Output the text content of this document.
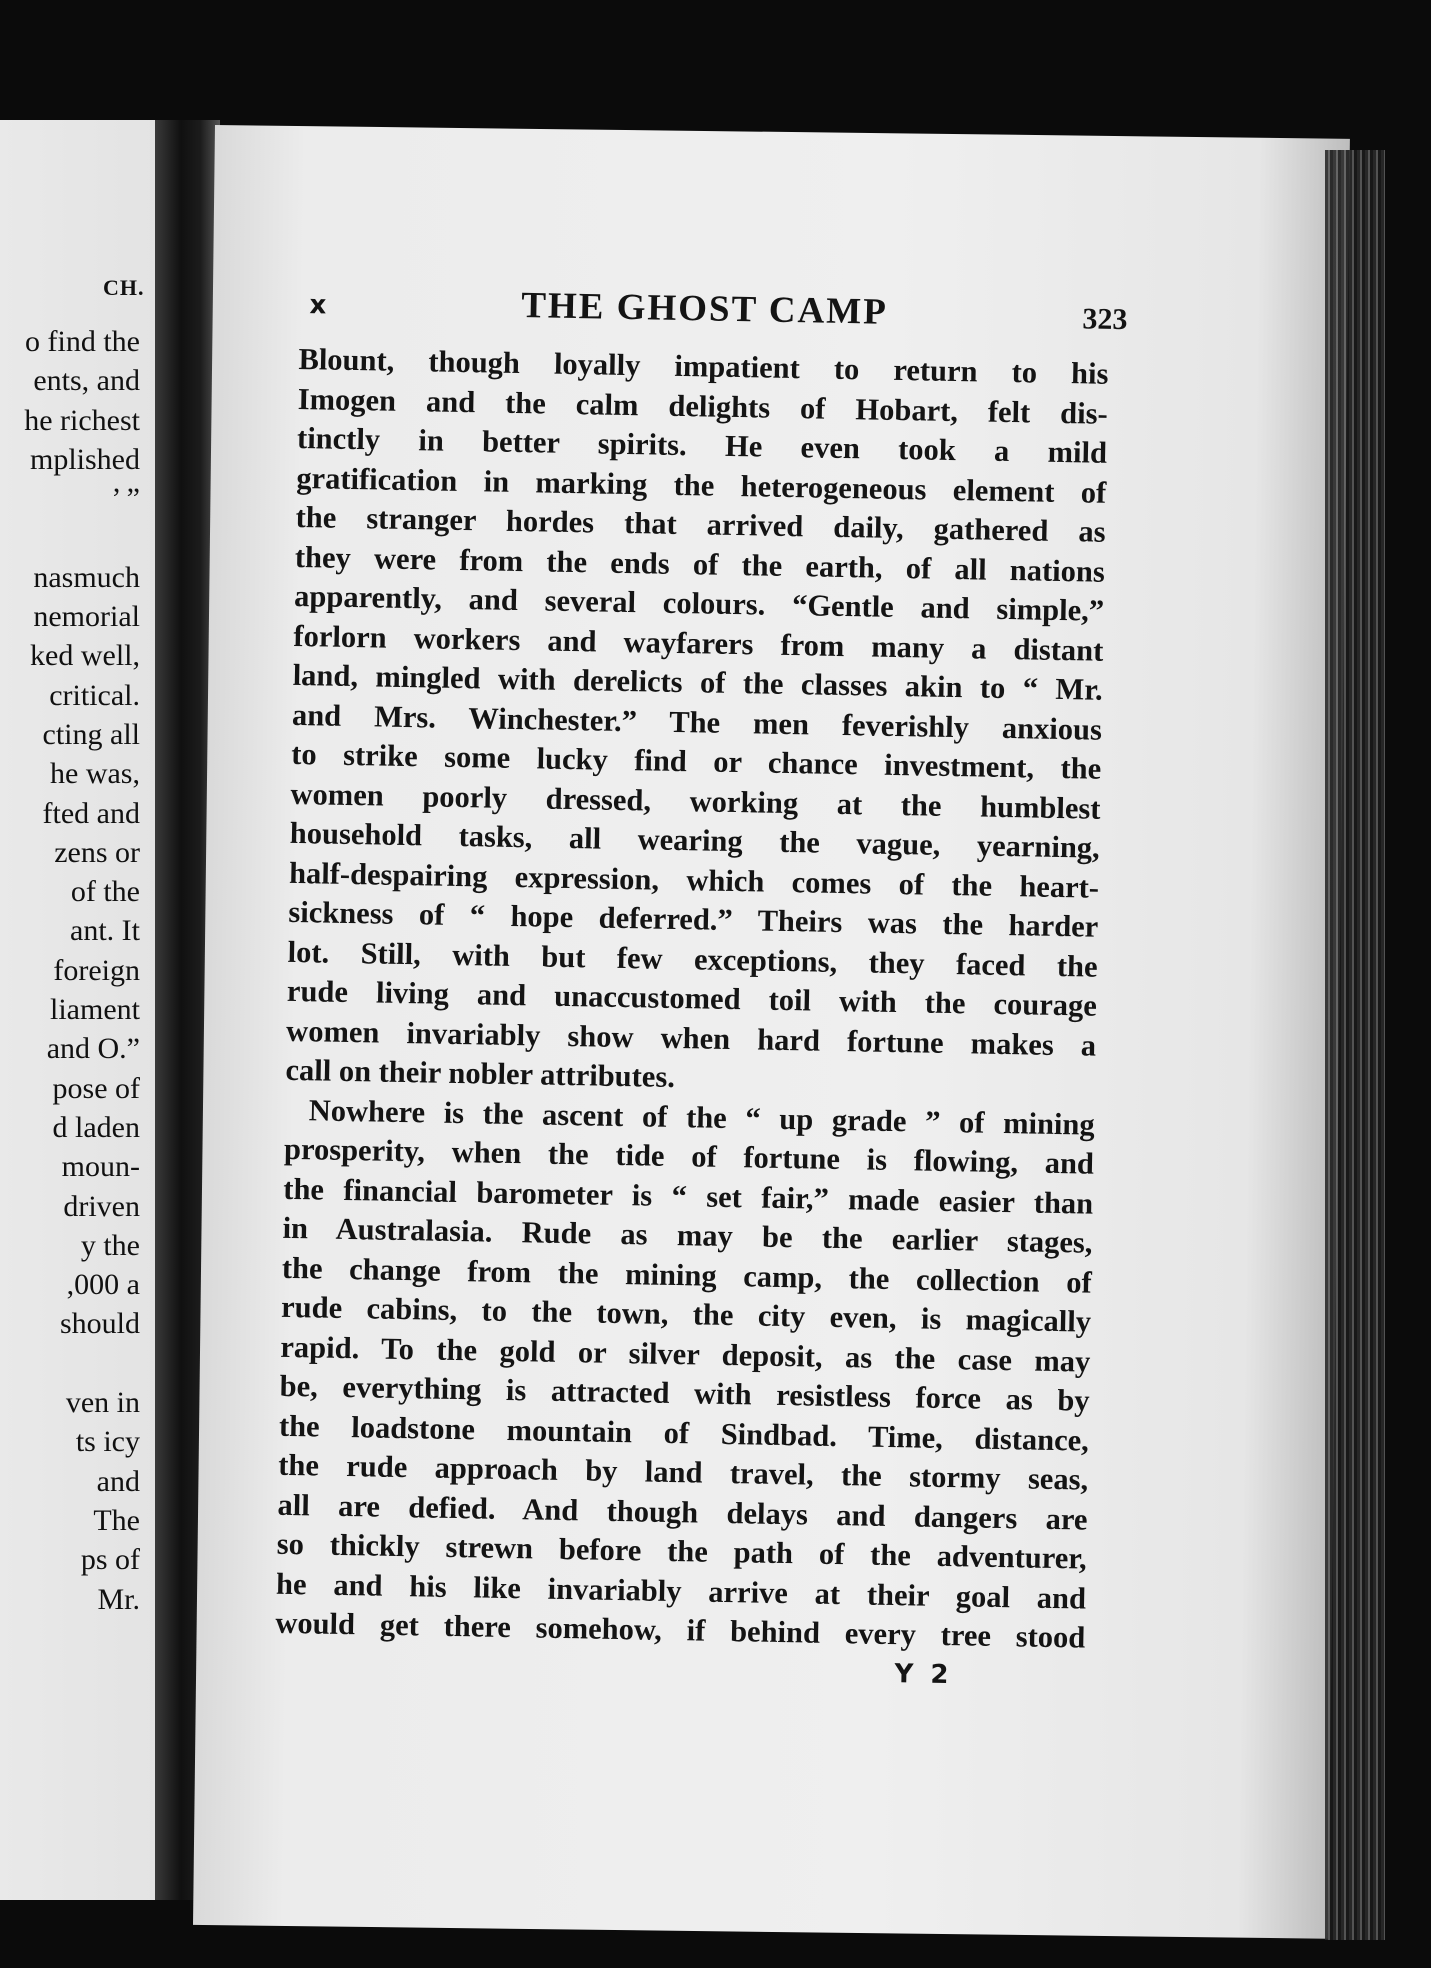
CH.
o find the
ents, and
he richest
mplished
’ ”
nasmuch
nemorial
ked well,
critical.
cting all
he was,
fted and
zens or
of the
ant. It
foreign
liament
and O.”
pose of
d laden
moun-
driven
y the
,000 a
should
ven in
ts icy
and
The
ps of
Mr.
x	THE GHOST CAMP	323
Blount, though loyally impatient to return to his
Imogen and the calm delights of Hobart, felt dis-
tinctly in better spirits. He even took a mild
gratification in marking the heterogeneous element of
the stranger hordes that arrived daily, gathered as
they were from the ends of the earth, of all nations
apparently, and several colours. “Gentle and simple,”
forlorn workers and wayfarers from many a distant
land, mingled with derelicts of the classes akin to “ Mr.
and Mrs. Winchester.” The men feverishly anxious
to strike some lucky find or chance investment, the
women poorly dressed, working at the humblest
household tasks, all wearing the vague, yearning,
half-despairing expression, which comes of the heart-
sickness of “ hope deferred.” Theirs was the harder
lot. Still, with but few exceptions, they faced the
rude living and unaccustomed toil with the courage
women invariably show when hard fortune makes a
call on their nobler attributes.
Nowhere is the ascent of the “ up grade ” of mining
prosperity, when the tide of fortune is flowing, and
the financial barometer is “ set fair,” made easier than
in Australasia. Rude as may be the earlier stages,
the change from the mining camp, the collection of
rude cabins, to the town, the city even, is magically
rapid. To the gold or silver deposit, as the case may
be, everything is attracted with resistless force as by
the loadstone mountain of Sindbad. Time, distance,
the rude approach by land travel, the stormy seas,
all are defied. And though delays and dangers are
so thickly strewn before the path of the adventurer,
he and his like invariably arrive at their goal and
would get there somehow, if behind every tree stood
Y 2
